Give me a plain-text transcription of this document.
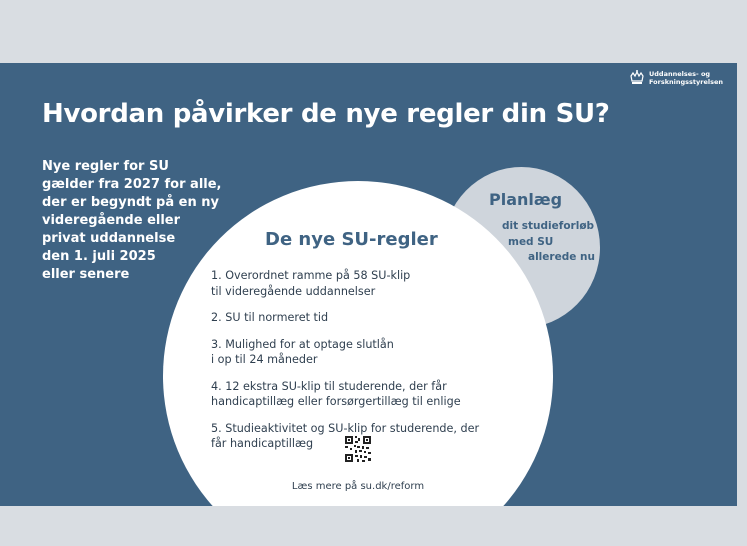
Uddannelses- og
Forskningsstyrelsen
Hvordan påvirker de nye regler din SU?
Nye regler for SU
gælder fra 2027 for alle,
der er begyndt på en ny
videregående eller
privat uddannelse
den 1. juli 2025
eller senere
Planlæg
dit studieforløb
med SU
allerede nu
De nye SU-regler
1. Overordnet ramme på 58 SU-klip
til videregående uddannelser
2. SU til normeret tid
3. Mulighed for at optage slutlån
i op til 24 måneder
4. 12 ekstra SU-klip til studerende, der får
handicaptillæg eller forsørgertillæg til enlige
5. Studieaktivitet og SU-klip for studerende, der
får handicaptillæg
Læs mere på su.dk/reform
